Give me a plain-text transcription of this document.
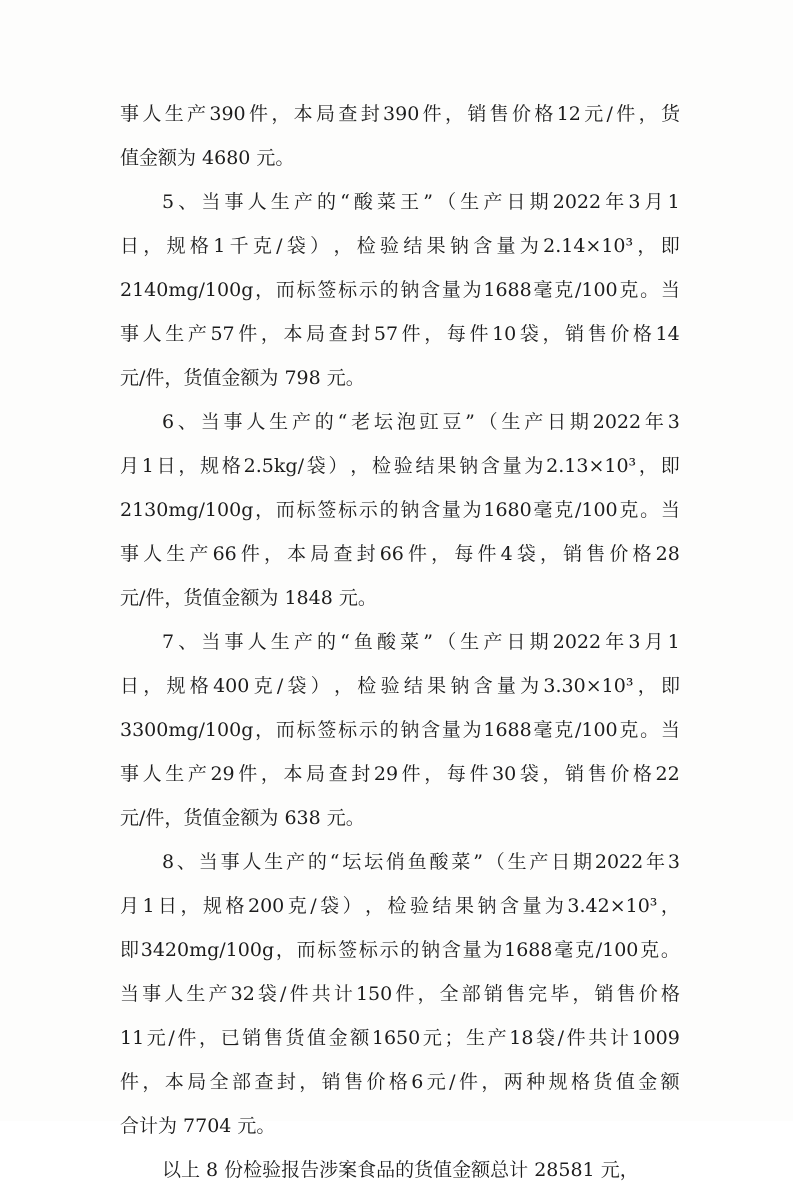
事 人 生 产 390 件 ， 本 局 查 封 390 件 ， 销 售 价 格 12 元 / 件 ， 货
值金额为 4680 元。
5 、 当 事 人 生 产 的 “ 酸 菜 王 ” （ 生 产 日 期 2022 年 3 月 1
日 ， 规 格 1 千 克 / 袋 ） ， 检 验 结 果 钠 含 量 为 2.14×10³ ， 即
2140mg/100g ， 而 标 签 标 示 的 钠 含 量 为 1688 毫 克 /100 克 。 当
事 人 生 产 57 件 ， 本 局 查 封 57 件 ， 每 件 10 袋 ， 销 售 价 格 14
元/件，货值金额为 798 元。
6 、 当 事 人 生 产 的 “ 老 坛 泡 豇 豆 ” （ 生 产 日 期 2022 年 3
月 1 日 ， 规 格 2.5kg/ 袋 ） ， 检 验 结 果 钠 含 量 为 2.13×10³ ， 即
2130mg/100g ， 而 标 签 标 示 的 钠 含 量 为 1680 毫 克 /100 克 。 当
事 人 生 产 66 件 ， 本 局 查 封 66 件 ， 每 件 4 袋 ， 销 售 价 格 28
元/件，货值金额为 1848 元。
7 、 当 事 人 生 产 的 “ 鱼 酸 菜 ” （ 生 产 日 期 2022 年 3 月 1
日 ， 规 格 400 克 / 袋 ） ， 检 验 结 果 钠 含 量 为 3.30×10³ ， 即
3300mg/100g ， 而 标 签 标 示 的 钠 含 量 为 1688 毫 克 /100 克 。 当
事 人 生 产 29 件 ， 本 局 查 封 29 件 ， 每 件 30 袋 ， 销 售 价 格 22
元/件，货值金额为 638 元。
8 、 当 事 人 生 产 的 “ 坛 坛 俏 鱼 酸 菜 ” （ 生 产 日 期 2022 年 3
月 1 日 ， 规 格 200 克 / 袋 ） ， 检 验 结 果 钠 含 量 为 3.42×10³ ，
即 3420mg/100g ， 而 标 签 标 示 的 钠 含 量 为 1688 毫 克 /100 克 。
当 事 人 生 产 32 袋 / 件 共 计 150 件 ， 全 部 销 售 完 毕 ， 销 售 价 格
11 元 / 件 ， 已 销 售 货 值 金 额 1650 元 ； 生 产 18 袋 / 件 共 计 1009
件 ， 本 局 全 部 查 封 ， 销 售 价 格 6 元 / 件 ， 两 种 规 格 货 值 金 额
合计为 7704 元。
以上 8 份检验报告涉案食品的货值金额总计 28581 元，
